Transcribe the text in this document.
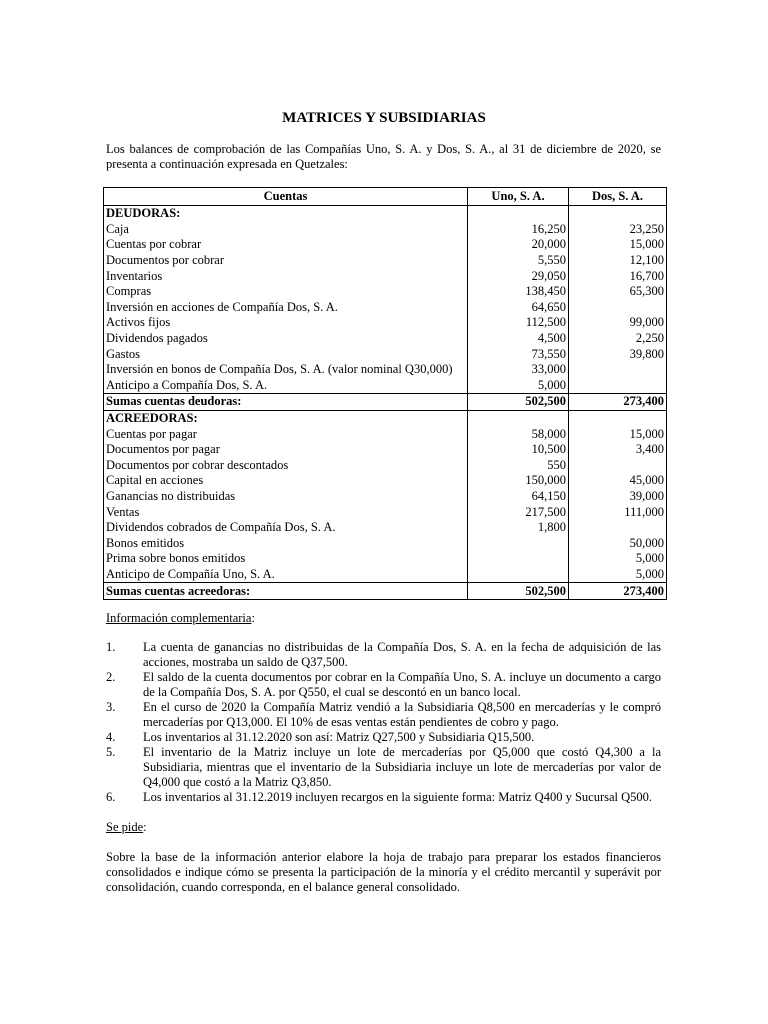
MATRICES Y SUBSIDIARIAS
Los balances de comprobación de las Compañías Uno, S. A. y Dos, S. A., al 31 de diciembre de 2020, se presenta a continuación expresada en Quetzales:
Cuentas	Uno, S. A.	Dos, S. A.
DEUDORAS:		
Caja	16,250	23,250
Cuentas por cobrar	20,000	15,000
Documentos por cobrar	5,550	12,100
Inventarios	29,050	16,700
Compras	138,450	65,300
Inversión en acciones de Compañía Dos, S. A.	64,650	
Activos fijos	112,500	99,000
Dividendos pagados	4,500	2,250
Gastos	73,550	39,800
Inversión en bonos de Compañía Dos, S. A. (valor nominal Q30,000)	33,000	
Anticipo a Compañía Dos, S. A.	5,000	
Sumas cuentas deudoras:	502,500	273,400
ACREEDORAS:		
Cuentas por pagar	58,000	15,000
Documentos por pagar	10,500	3,400
Documentos por cobrar descontados	550	
Capital en acciones	150,000	45,000
Ganancias no distribuidas	64,150	39,000
Ventas	217,500	111,000
Dividendos cobrados de Compañía Dos, S. A.	1,800	
Bonos emitidos		50,000
Prima sobre bonos emitidos		5,000
Anticipo de Compañía Uno, S. A.		5,000
Sumas cuentas acreedoras:	502,500	273,400
Información complementaria:
1.	La cuenta de ganancias no distribuidas de la Compañía Dos, S. A. en la fecha de adquisición de las acciones, mostraba un saldo de Q37,500.
2.	El saldo de la cuenta documentos por cobrar en la Compañía Uno, S. A. incluye un documento a cargo de la Compañía Dos, S. A. por Q550, el cual se descontó en un banco local.
3.	En el curso de 2020 la Compañía Matriz vendió a la Subsidiaria Q8,500 en mercaderías y le compró mercaderías por Q13,000. El 10% de esas ventas están pendientes de cobro y pago.
4.	Los inventarios al 31.12.2020 son así: Matriz Q27,500 y Subsidiaria Q15,500.
5.	El inventario de la Matriz incluye un lote de mercaderías por Q5,000 que costó Q4,300 a la Subsidiaria, mientras que el inventario de la Subsidiaria incluye un lote de mercaderías por valor de Q4,000 que costó a la Matriz Q3,850.
6.	Los inventarios al 31.12.2019 incluyen recargos en la siguiente forma: Matriz Q400 y Sucursal Q500.
Se pide:
Sobre la base de la información anterior elabore la hoja de trabajo para preparar los estados financieros consolidados e indique cómo se presenta la participación de la minoría y el crédito mercantil y superávit por consolidación, cuando corresponda, en el balance general consolidado.
